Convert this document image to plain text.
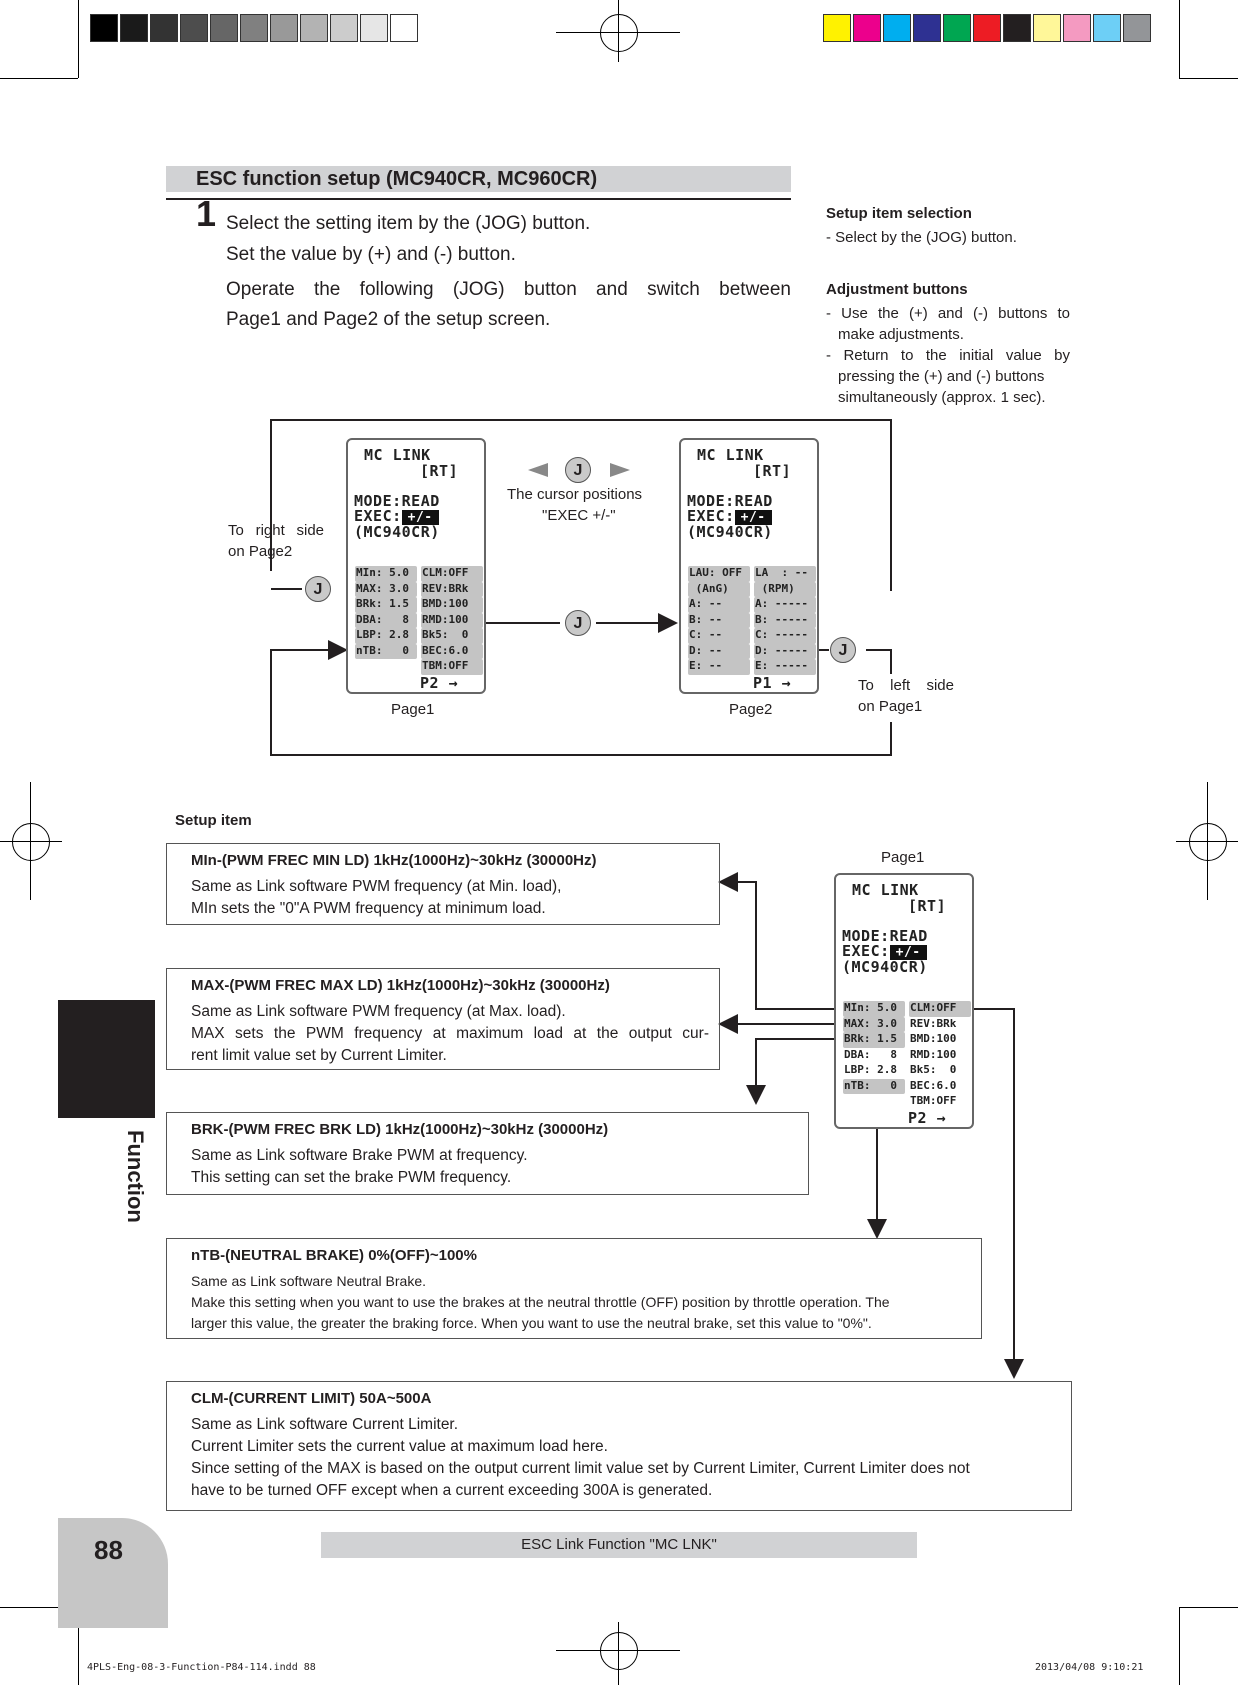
ESC function setup (MC940CR, MC960CR)
1 Select the setting item by the (JOG) button.
Set the value by (+) and (-) button.
Operate the following (JOG) button and switch between
Page1 and Page2 of the setup screen.
Setup item selection
- Select by the (JOG) button.
Adjustment buttons
- Use the (+) and (-) buttons to
make adjustments.
- Return to the initial value by
pressing the (+) and (-) buttons
simultaneously (approx. 1 sec).
MC LINK
[RT]
MODE:READ
EXEC: +/-
(MC940CR)
MIn: 5.0	CLM:OFF
MAX: 3.0	REV:BRk
BRk: 1.5	BMD:100
DBA:   8	RMD:100
LBP: 2.8	Bk5:  0
nTB:   0	BEC:6.0
TBM:OFF
P2 →
MC LINK
[RT]
MODE:READ
EXEC: +/-
(MC940CR)
LAU: OFF	LA  : --
(AnG)	(RPM)
A: --	A: -----
B: --	B: -----
C: --	C: -----
D: --	D: -----
E: --	E: -----
P1 →
J
J
J
J
The cursor positions
"EXEC +/-"
To right side
on Page2
To left side
on Page1
Page1	Page2
Setup item
Page1
MC LINK
[RT]
MODE:READ
EXEC: +/-
(MC940CR)
MIn: 5.0	CLM:OFF
MAX: 3.0	REV:BRk
BRk: 1.5	BMD:100
DBA:   8	RMD:100
LBP: 2.8	Bk5:  0
nTB:   0	BEC:6.0
TBM:OFF
P2 →
MIn-(PWM FREC MIN LD) 1kHz(1000Hz)~30kHz (30000Hz)
Same as Link software PWM frequency (at Min. load),
MIn sets the "0"A PWM frequency at minimum load.
MAX-(PWM FREC MAX LD) 1kHz(1000Hz)~30kHz (30000Hz)
Same as Link software PWM frequency (at Max. load).
MAX sets the PWM frequency at maximum load at the output cur-
rent limit value set by Current Limiter.
BRK-(PWM FREC BRK LD) 1kHz(1000Hz)~30kHz (30000Hz)
Same as Link software Brake PWM at frequency.
This setting can set the brake PWM frequency.
nTB-(NEUTRAL BRAKE) 0%(OFF)~100%
Same as Link software Neutral Brake.
Make this setting when you want to use the brakes at the neutral throttle (OFF) position by throttle operation. The
larger this value, the greater the braking force. When you want to use the neutral brake, set this value to "0%".
CLM-(CURRENT LIMIT) 50A~500A
Same as Link software Current Limiter.
Current Limiter sets the current value at maximum load here.
Since setting of the MAX is based on the output current limit value set by Current Limiter, Current Limiter does not
have to be turned OFF except when a current exceeding 300A is generated.
Function
88	ESC Link Function "MC LNK"
4PLS-Eng-08-3-Function-P84-114.indd 88	2013/04/08 9:10:21
